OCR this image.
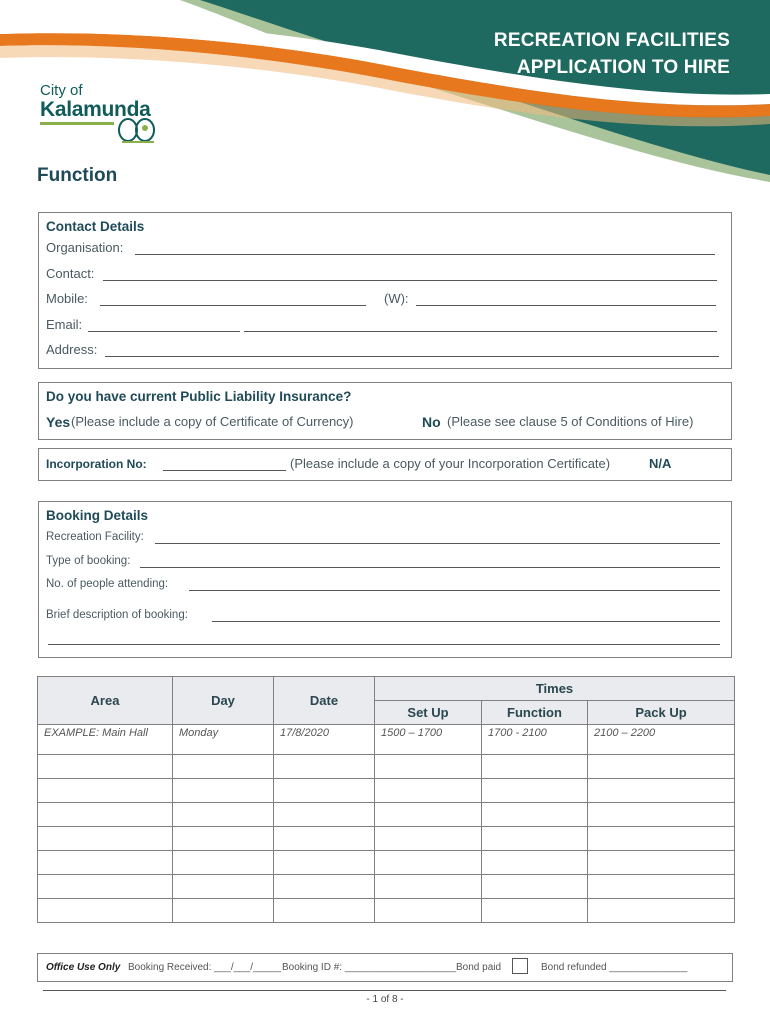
RECREATION FACILITIES
APPLICATION TO HIRE
City of
Kalamunda
Function
Contact Details
Organisation:
Contact:
Mobile:	(W):
Email:
Address:
Do you have current Public Liability Insurance?
Yes (Please include a copy of Certificate of Currency)	No (Please see clause 5 of Conditions of Hire)
Incorporation No:	(Please include a copy of your Incorporation Certificate)	N/A
Booking Details
Recreation Facility:
Type of booking:
No. of people attending:
Brief description of booking:
Area	Day	Date	Times		
			Set Up	Function	Pack Up
EXAMPLE: Main Hall	Monday	17/8/2020	1500 – 1700	1700 - 2100	2100 – 2200

Office Use Only Booking Received: ___/___/_____ Booking ID #: ____________________ Bond paid	Bond refunded ______________
- 1 of 8 -
